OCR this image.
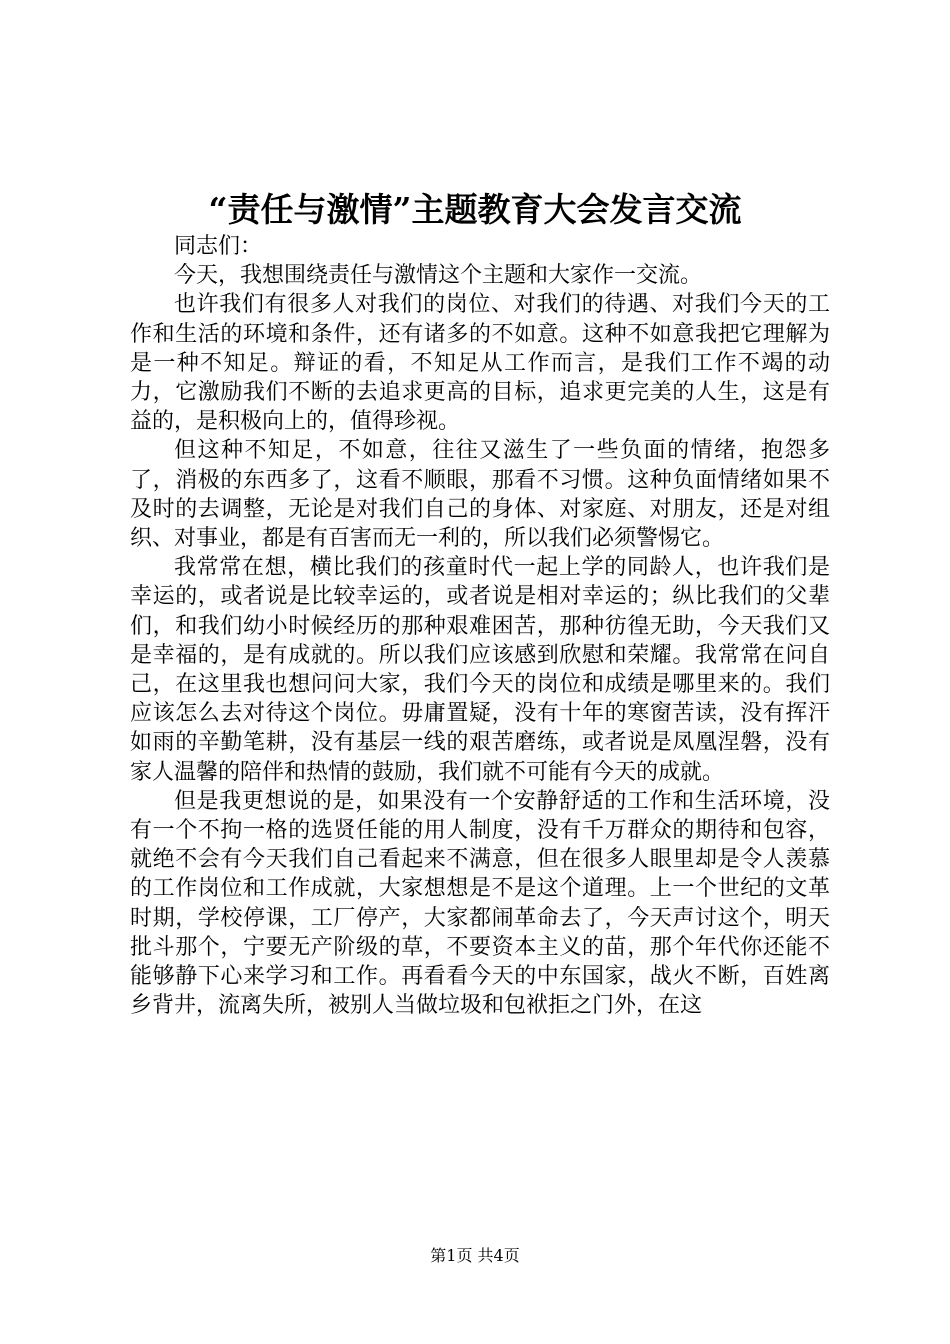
“责任与激情”主题教育大会发言交流

同志们：

今天，我想围绕责任与激情这个主题和大家作一交流。

也许我们有很多人对我们的岗位、对我们的待遇、对我们今天的工作和生活的环境和条件，还有诸多的不如意。这种不如意我把它理解为是一种不知足。辩证的看，不知足从工作而言，是我们工作不竭的动力，它激励我们不断的去追求更高的目标，追求更完美的人生，这是有益的，是积极向上的，值得珍视。

但这种不知足，不如意，往往又滋生了一些负面的情绪，抱怨多了，消极的东西多了，这看不顺眼，那看不习惯。这种负面情绪如果不及时的去调整，无论是对我们自己的身体、对家庭、对朋友，还是对组织、对事业，都是有百害而无一利的，所以我们必须警惕它。

我常常在想，横比我们的孩童时代一起上学的同龄人，也许我们是幸运的，或者说是比较幸运的，或者说是相对幸运的；纵比我们的父辈们，和我们幼小时候经历的那种艰难困苦，那种彷徨无助，今天我们又是幸福的，是有成就的。所以我们应该感到欣慰和荣耀。我常常在问自己，在这里我也想问问大家，我们今天的岗位和成绩是哪里来的。我们应该怎么去对待这个岗位。毋庸置疑，没有十年的寒窗苦读，没有挥汗如雨的辛勤笔耕，没有基层一线的艰苦磨练，或者说是凤凰涅磐，没有家人温馨的陪伴和热情的鼓励，我们就不可能有今天的成就。

但是我更想说的是，如果没有一个安静舒适的工作和生活环境，没有一个不拘一格的选贤任能的用人制度，没有千万群众的期待和包容，就绝不会有今天我们自己看起来不满意，但在很多人眼里却是令人羡慕的工作岗位和工作成就，大家想想是不是这个道理。上一个世纪的文革时期，学校停课，工厂停产，大家都闹革命去了，今天声讨这个，明天批斗那个，宁要无产阶级的草，不要资本主义的苗，那个年代你还能不能够静下心来学习和工作。再看看今天的中东国家，战火不断，百姓离乡背井，流离失所，被别人当做垃圾和包袱拒之门外，在这

第1页 共4页
